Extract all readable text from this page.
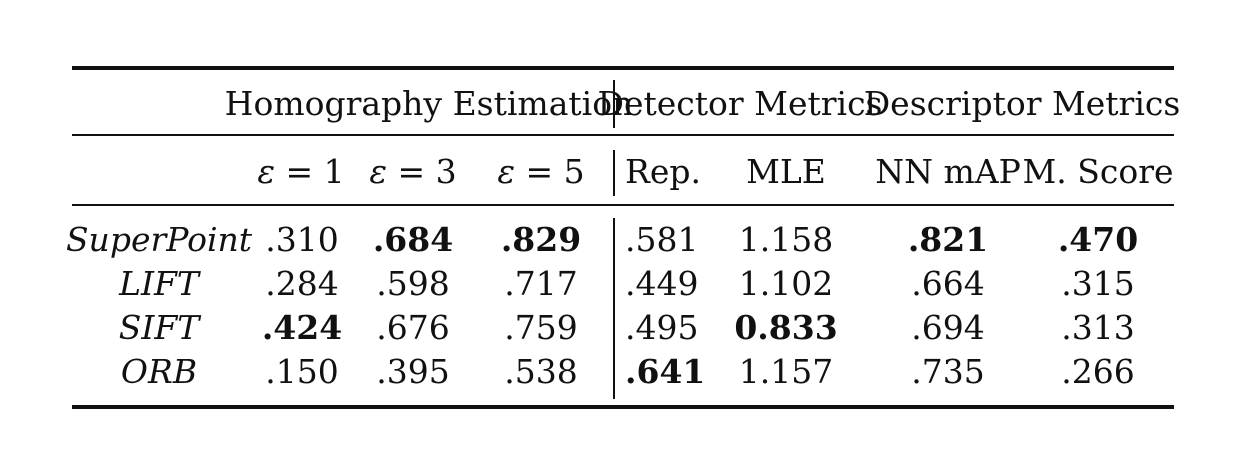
Homography Estimation
Detector Metrics
Descriptor Metrics
ε = 1 ε = 3 ε = 5 Rep. MLE NN mAP M. Score
SuperPoint .310 .684 .829 .581 1.158 .821 .470
LIFT .284 .598 .717 .449 1.102 .664 .315
SIFT .424 .676 .759 .495 0.833 .694 .313
ORB .150 .395 .538 .641 1.157 .735 .266
